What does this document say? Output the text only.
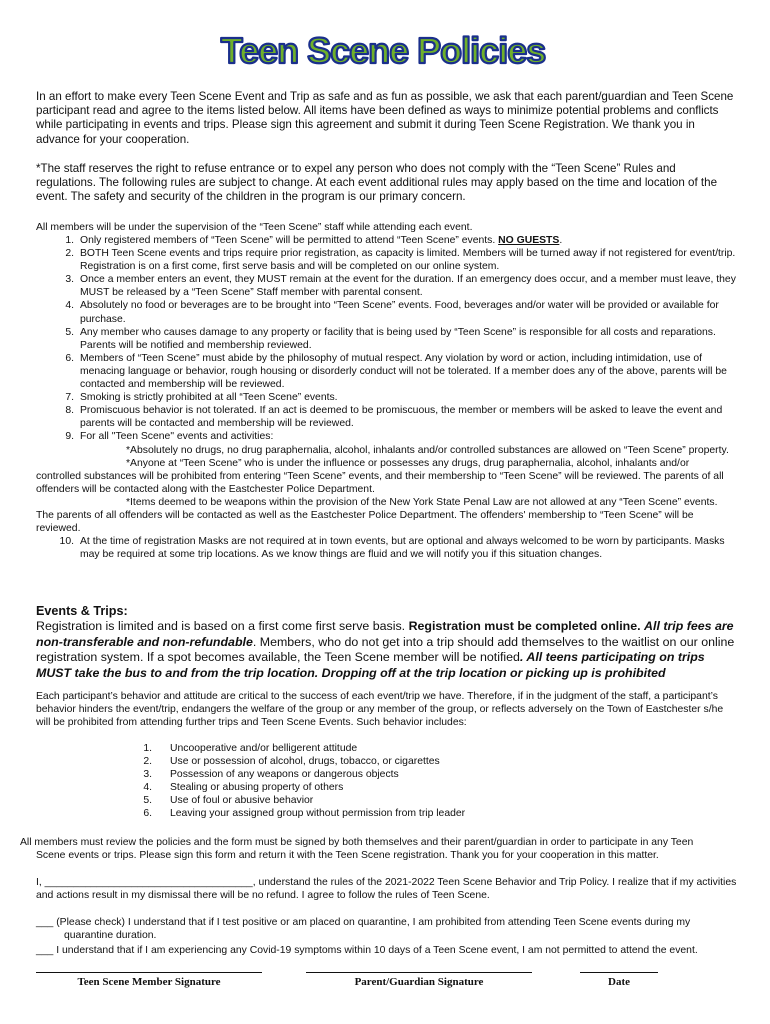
Teen Scene Policies
In an effort to make every Teen Scene Event and Trip as safe and as fun as possible, we ask that each parent/guardian and Teen Scene participant read and agree to the items listed below. All items have been defined as ways to minimize potential problems and conflicts while participating in events and trips. Please sign this agreement and submit it during Teen Scene Registration. We thank you in advance for your cooperation.
*The staff reserves the right to refuse entrance or to expel any person who does not comply with the “Teen Scene” Rules and regulations. The following rules are subject to change. At each event additional rules may apply based on the time and location of the event. The safety and security of the children in the program is our primary concern.
All members will be under the supervision of the “Teen Scene” staff while attending each event.
1. Only registered members of “Teen Scene” will be permitted to attend “Teen Scene” events. NO GUESTS.
2. BOTH Teen Scene events and trips require prior registration, as capacity is limited. Members will be turned away if not registered for event/trip. Registration is on a first come, first serve basis and will be completed on our online system.
3. Once a member enters an event, they MUST remain at the event for the duration. If an emergency does occur, and a member must leave, they MUST be released by a “Teen Scene” Staff member with parental consent.
4. Absolutely no food or beverages are to be brought into “Teen Scene” events. Food, beverages and/or water will be provided or available for purchase.
5. Any member who causes damage to any property or facility that is being used by “Teen Scene” is responsible for all costs and reparations. Parents will be notified and membership reviewed.
6. Members of “Teen Scene” must abide by the philosophy of mutual respect. Any violation by word or action, including intimidation, use of menacing language or behavior, rough housing or disorderly conduct will not be tolerated. If a member does any of the above, parents will be contacted and membership will be reviewed.
7. Smoking is strictly prohibited at all “Teen Scene” events.
8. Promiscuous behavior is not tolerated. If an act is deemed to be promiscuous, the member or members will be asked to leave the event and parents will be contacted and membership will be reviewed.
9. For all "Teen Scene" events and activities:
*Absolutely no drugs, no drug paraphernalia, alcohol, inhalants and/or controlled substances are allowed on “Teen Scene” property.
*Anyone at “Teen Scene” who is under the influence or possesses any drugs, drug paraphernalia, alcohol, inhalants and/or controlled substances will be prohibited from entering “Teen Scene” events, and their membership to “Teen Scene” will be reviewed. The parents of all offenders will be contacted along with the Eastchester Police Department.
*Items deemed to be weapons within the provision of the New York State Penal Law are not allowed at any “Teen Scene” events. The parents of all offenders will be contacted as well as the Eastchester Police Department. The offenders' membership to “Teen Scene” will be reviewed.
10. At the time of registration Masks are not required at in town events, but are optional and always welcomed to be worn by participants. Masks may be required at some trip locations. As we know things are fluid and we will notify you if this situation changes.
Events & Trips:
Registration is limited and is based on a first come first serve basis. Registration must be completed online. All trip fees are non-transferable and non-refundable. Members, who do not get into a trip should add themselves to the waitlist on our online registration system. If a spot becomes available, the Teen Scene member will be notified. All teens participating on trips MUST take the bus to and from the trip location. Dropping off at the trip location or picking up is prohibited
Each participant’s behavior and attitude are critical to the success of each event/trip we have. Therefore, if in the judgment of the staff, a participant’s behavior hinders the event/trip, endangers the welfare of the group or any member of the group, or reflects adversely on the Town of Eastchester s/he will be prohibited from attending further trips and Teen Scene Events. Such behavior includes:
1.	Uncooperative and/or belligerent attitude
2.	Use or possession of alcohol, drugs, tobacco, or cigarettes
3.	Possession of any weapons or dangerous objects
4.	Stealing or abusing property of others
5.	Use of foul or abusive behavior
6.	Leaving your assigned group without permission from trip leader
All members must review the policies and the form must be signed by both themselves and their parent/guardian in order to participate in any Teen
Scene events or trips. Please sign this form and return it with the Teen Scene registration. Thank you for your cooperation in this matter.
I, ____________________________________, understand the rules of the 2021-2022 Teen Scene Behavior and Trip Policy. I realize that if my activities and actions result in my dismissal there will be no refund. I agree to follow the rules of Teen Scene.
___ (Please check) I understand that if I test positive or am placed on quarantine, I am prohibited from attending Teen Scene events during my
quarantine duration.
___ I understand that if I am experiencing any Covid-19 symptoms within 10 days of a Teen Scene event, I am not permitted to attend the event.
Teen Scene Member Signature	Parent/Guardian Signature	Date
